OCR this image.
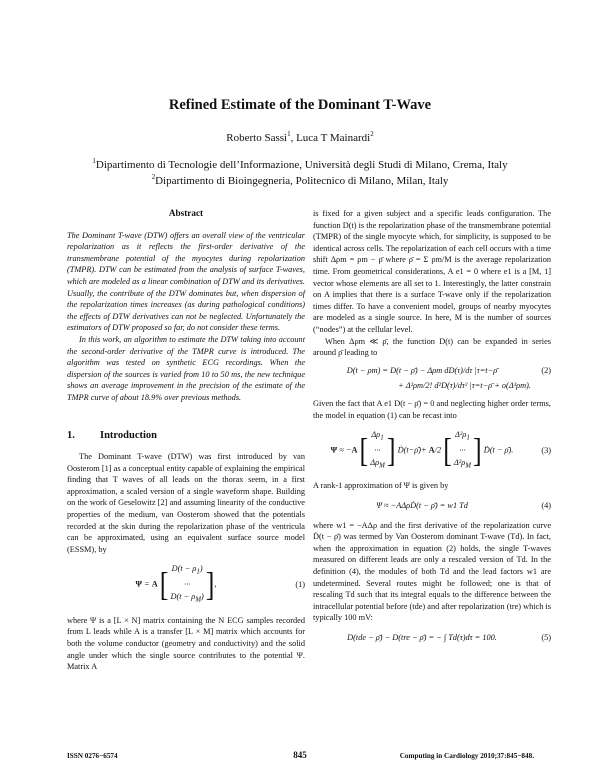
Refined Estimate of the Dominant T-Wave
Roberto Sassi$^1$, Luca T Mainardi$^2$
$^1$Dipartimento di Tecnologie dell’Informazione, Università degli Studi di Milano, Crema, Italy
$^2$Dipartimento di Bioingegneria, Politecnico di Milano, Milan, Italy
Abstract

The Dominant T-wave (DTW) offers an overall view of the ventricular repolarization as it reflects the first-order derivative of the transmembrane potential of the myocytes during repolarization (TMPR). DTW can be estimated from the analysis of surface T-waves, which are modeled as a linear combination of DTW and its derivatives. Usually, the contribute of the DTW dominates but, when dispersion of the repolarization times increases (as during pathological conditions) the effects of DTW derivatives can not be neglected. Unfortunately the estimators of DTW proposed so far, do not consider these terms.

In this work, an algorithm to estimate the DTW taking into account the second-order derivative of the TMPR curve is introduced. The algorithm was tested on synthetic ECG recordings. When the dispersion of the sources is varied from 10 to 50 ms, the new technique shows an average improvement in the precision of the estimate of the TMPR curve of about 18.9% over previous methods.

1. Introduction

The Dominant T-wave (DTW) was first introduced by van Oosterom [1] as a conceptual entity capable of explaining the empirical finding that T waves of all leads on the thorax seem, in a first approximation, a scaled version of a single waveform shape. Building on the work of Geselowitz [2] and assuming linearity of the conductive properties of the medium, van Oosterom showed that the potentials recorded at the skin during the repolarization phase of the ventricula can be approximated, using an equivalent surface source model (ESSM), by

Ψ = A [ $D(t - \rho_1)$
···
$D(t - \rho_M)$ ] ,	(1)

where Ψ is a [L × N] matrix containing the N ECG samples recorded from L leads while A is a transfer [L × M] matrix which accounts for both the volume conductor (geometry and conductivity) and the solid angle under which the single source contributes to the potential Ψ. Matrix A

is fixed for a given subject and a specific leads configuration. The function D(t) is the repolarization phase of the transmembrane potential (TMPR) of the single myocyte which, for simplicity, is supposed to be identical across cells. The repolarization of each cell occurs with a time shift Δρm = ρm − ρ̄ where ρ̄ = Σ ρm/M is the average repolarization time. From geometrical considerations, A e1 = 0 where e1 is a [M, 1] vector whose elements are all set to 1. Interestingly, the latter constrain on A implies that there is a surface T-wave only if the repolarization times differ. To have a convenient model, groups of nearby myocytes are modeled as a single source. In here, M is the number of sources (“nodes”) at the cellular level.

When Δρm ≪ ρ̄, the function D(t) can be expanded in series around ρ̄ leading to

D(t − ρm) = D(t − ρ̄) − Δρm dD(τ)/dτ |τ=t−ρ̄
+ Δ²ρm/2! d²D(τ)/dτ² |τ=t−ρ̄ + o(Δ³ρm).
(2)

Given the fact that A e1 D(t − ρ̄) = 0 and neglecting higher order terms, the model in equation (1) can be recast into

Ψ ≈ −A [ $\Delta\rho_1$
···
$\Delta\rho_M$ ] Ḋ(t−ρ̄)+ A/2 [ $\Delta^2\rho_1$
···
$\Delta^2\rho_M$ ] D̈(t − ρ̄).	(3)

A rank-1 approximation of Ψ is given by

Ψ ≈ −AΔρḊ(t − ρ̄) = w1 Td	(4)

where w1 = −AΔρ and the first derivative of the repolarization curve Ḋ(t − ρ̄) was termed by Van Oosterom dominant T-wave (Td). In fact, when the approximation in equation (2) holds, the single T-waves measured on different leads are only a rescaled version of Td. In the definition (4), the modules of both Td and the lead factors w1 are undetermined. Several routes might be followed; one is that of rescaling Td such that its integral equals to the difference between the intracellular potential before (tde) and after repolarization (tre) which is typically 100 mV:

D(tde − ρ̄) − D(tre − ρ̄) = − ∫ Td(τ)dτ = 100.	(5)
ISSN 0276−6574	845	Computing in Cardiology 2010;37:845−848.
